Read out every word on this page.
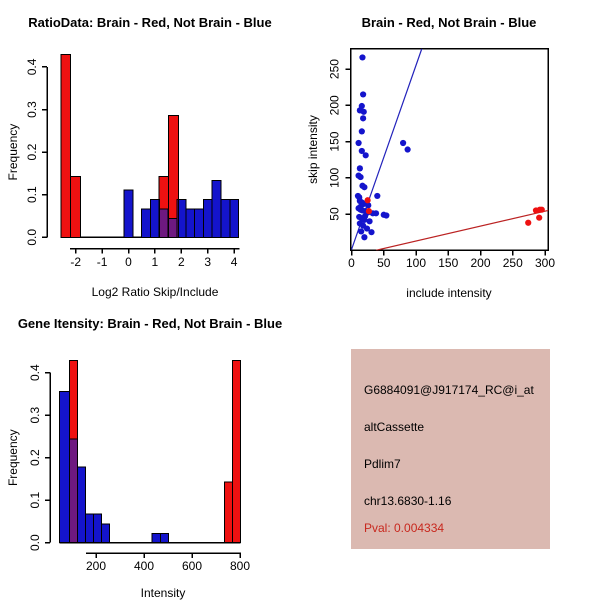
RatioData: Brain - Red, Not Brain - Blue
Log2 Ratio Skip/Include
Frequency
0.0
0.1
0.2
0.3
0.4
-2 -1 0 1 2 3 4
Brain - Red, Not Brain - Blue
include intensity
skip intensity
0 50 100 150 200 250 300
50
100
150
200
250
Gene Itensity: Brain - Red, Not Brain - Blue
Intensity
Frequency
0.0
0.1
0.2
0.3
0.4
200 400 600 800
G6884091@J917174_RC@i_at
altCassette
Pdlim7
chr13.6830-1.16
Pval: 0.004334
